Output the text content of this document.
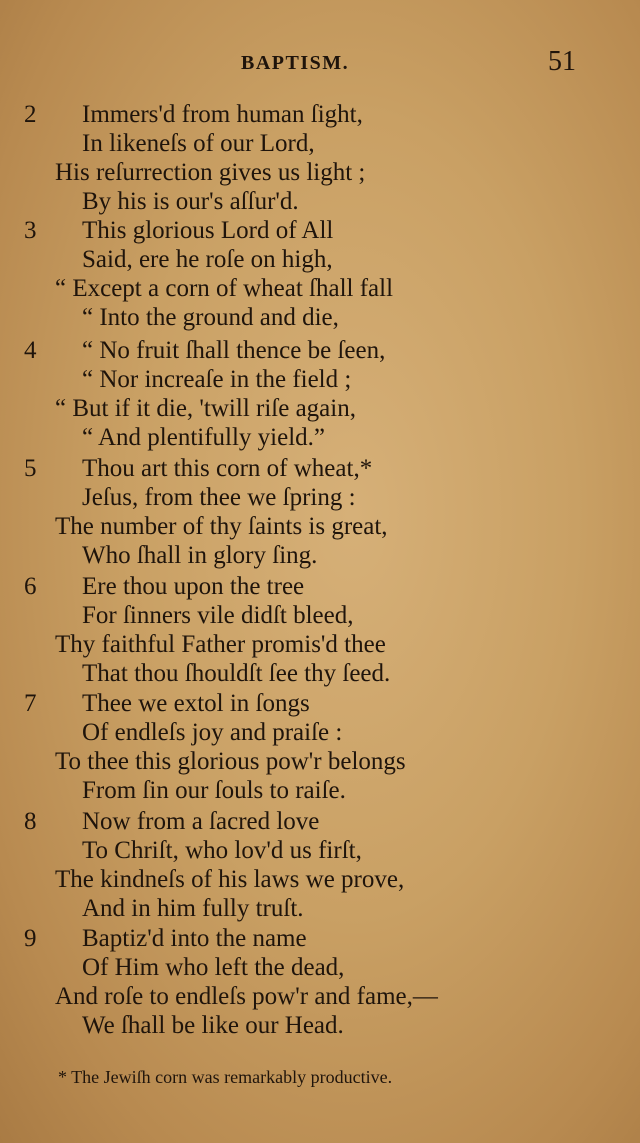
BAPTISM.	51
2 Immers'd from human ſight,
In likeneſs of our Lord,
His reſurrection gives us light ;
By his is our's aſſur'd.
3 This glorious Lord of All
Said, ere he roſe on high,
“ Except a corn of wheat ſhall fall
“ Into the ground and die,
4 “ No fruit ſhall thence be ſeen,
“ Nor increaſe in the field ;
“ But if it die, 'twill riſe again,
“ And plentifully yield.”
5 Thou art this corn of wheat,*
Jeſus, from thee we ſpring :
The number of thy ſaints is great,
Who ſhall in glory ſing.
6 Ere thou upon the tree
For ſinners vile didſt bleed,
Thy faithful Father promis'd thee
That thou ſhouldſt ſee thy ſeed.
7 Thee we extol in ſongs
Of endleſs joy and praiſe :
To thee this glorious pow'r belongs
From ſin our ſouls to raiſe.
8 Now from a ſacred love
To Chriſt, who lov'd us firſt,
The kindneſs of his laws we prove,
And in him fully truſt.
9 Baptiz'd into the name
Of Him who left the dead,
And roſe to endleſs pow'r and fame,—
We ſhall be like our Head.
* The Jewiſh corn was remarkably productive.
